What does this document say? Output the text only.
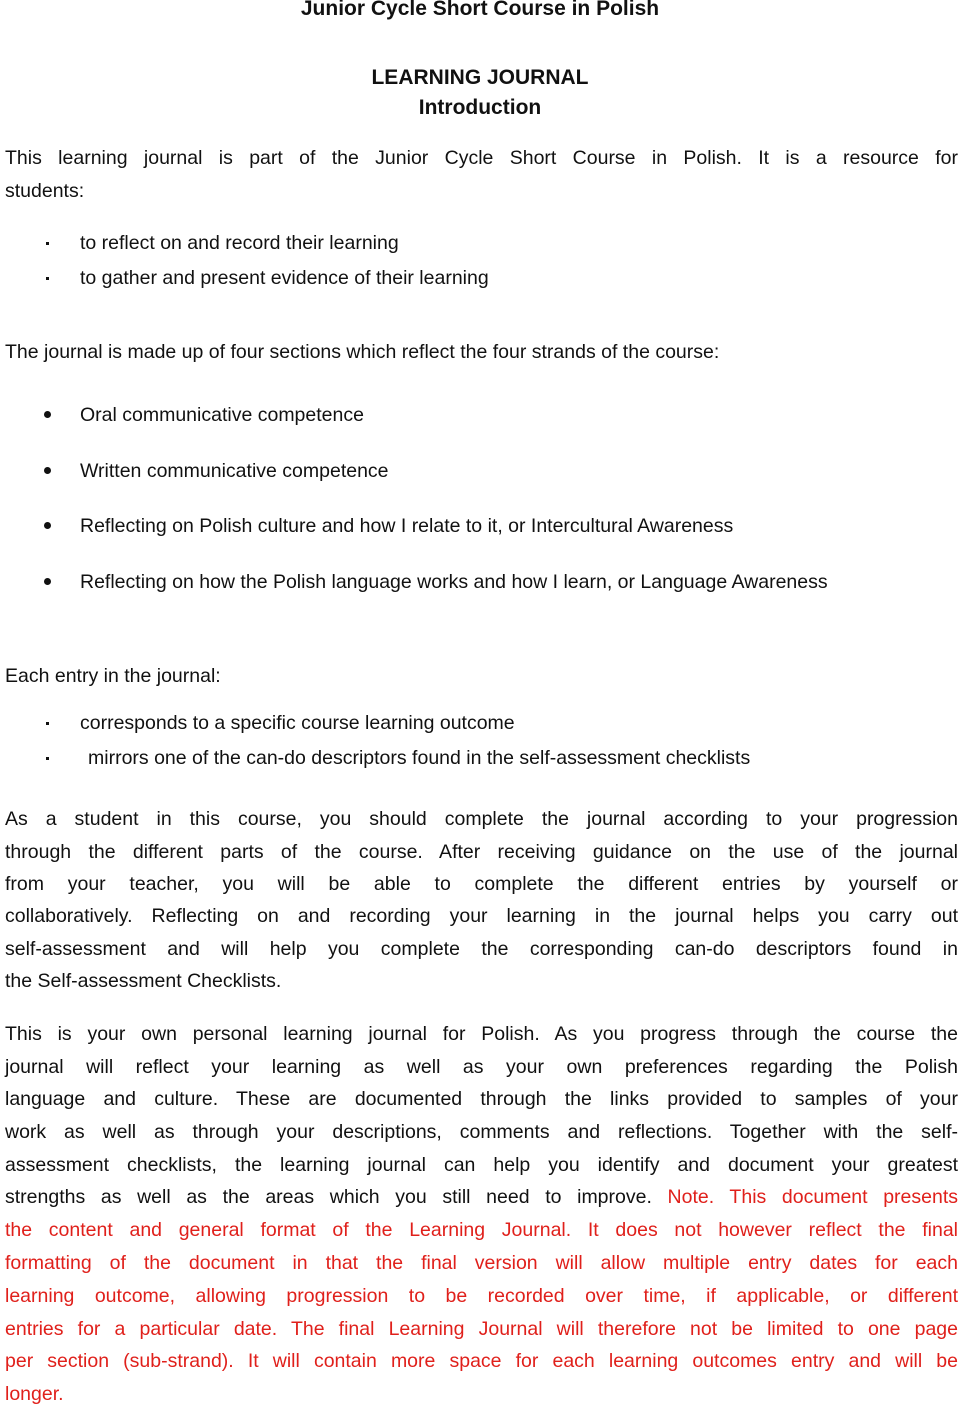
Junior Cycle Short Course in Polish
LEARNING JOURNAL
Introduction
This learning journal is part of the Junior Cycle Short Course in Polish. It is a resource for
students:
to reflect on and record their learning
to gather and present evidence of their learning
The journal is made up of four sections which reflect the four strands of the course:
Oral communicative competence
Written communicative competence
Reflecting on Polish culture and how I relate to it, or Intercultural Awareness
Reflecting on how the Polish language works and how I learn, or Language Awareness
Each entry in the journal:
corresponds to a specific course learning outcome
mirrors one of the can-do descriptors found in the self-assessment checklists
As a student in this course, you should complete the journal according to your progression
through the different parts of the course. After receiving guidance on the use of the journal
from your teacher, you will be able to complete the different entries by yourself or
collaboratively. Reflecting on and recording your learning in the journal helps you carry out
self-assessment and will help you complete the corresponding can-do descriptors found in
the Self-assessment Checklists.
This is your own personal learning journal for Polish. As you progress through the course the
journal will reflect your learning as well as your own preferences regarding the Polish
language and culture. These are documented through the links provided to samples of your
work as well as through your descriptions, comments and reflections. Together with the self-
assessment checklists, the learning journal can help you identify and document your greatest
strengths as well as the areas which you still need to improve. Note. This document presents
the content and general format of the Learning Journal. It does not however reflect the final
formatting of the document in that the final version will allow multiple entry dates for each
learning outcome, allowing progression to be recorded over time, if applicable, or different
entries for a particular date. The final Learning Journal will therefore not be limited to one page
per section (sub-strand). It will contain more space for each learning outcomes entry and will be
longer.
